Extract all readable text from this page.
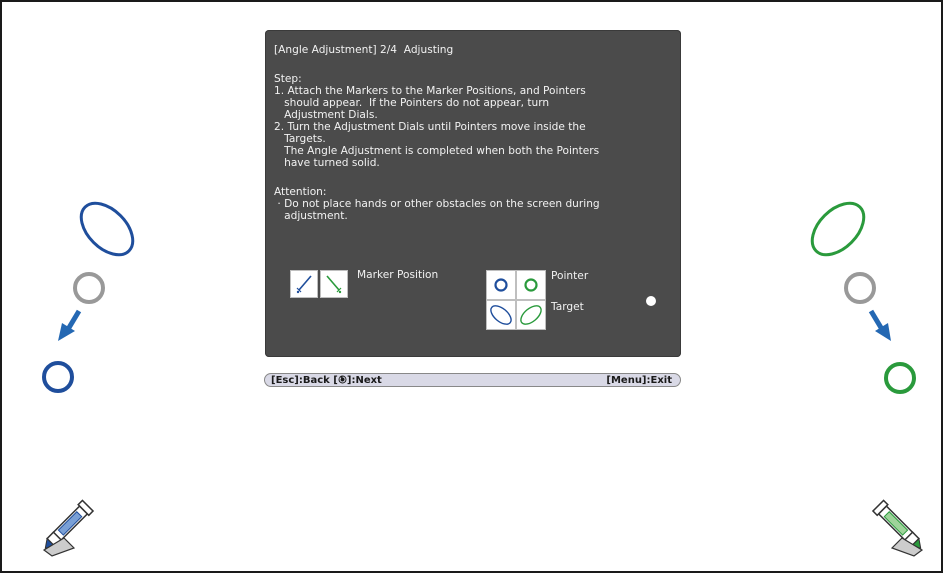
[Angle Adjustment] 2/4  Adjusting
Step:
1. Attach the Markers to the Marker Positions, and Pointers
should appear.  If the Pointers do not appear, turn
Adjustment Dials.
2. Turn the Adjustment Dials until Pointers move inside the
Targets.
The Angle Adjustment is completed when both the Pointers
have turned solid.
Attention:
· Do not place hands or other obstacles on the screen during
adjustment.
Marker Position	Pointer
Target
[Esc]:Back [ ]:Next	[Menu]:Exit
